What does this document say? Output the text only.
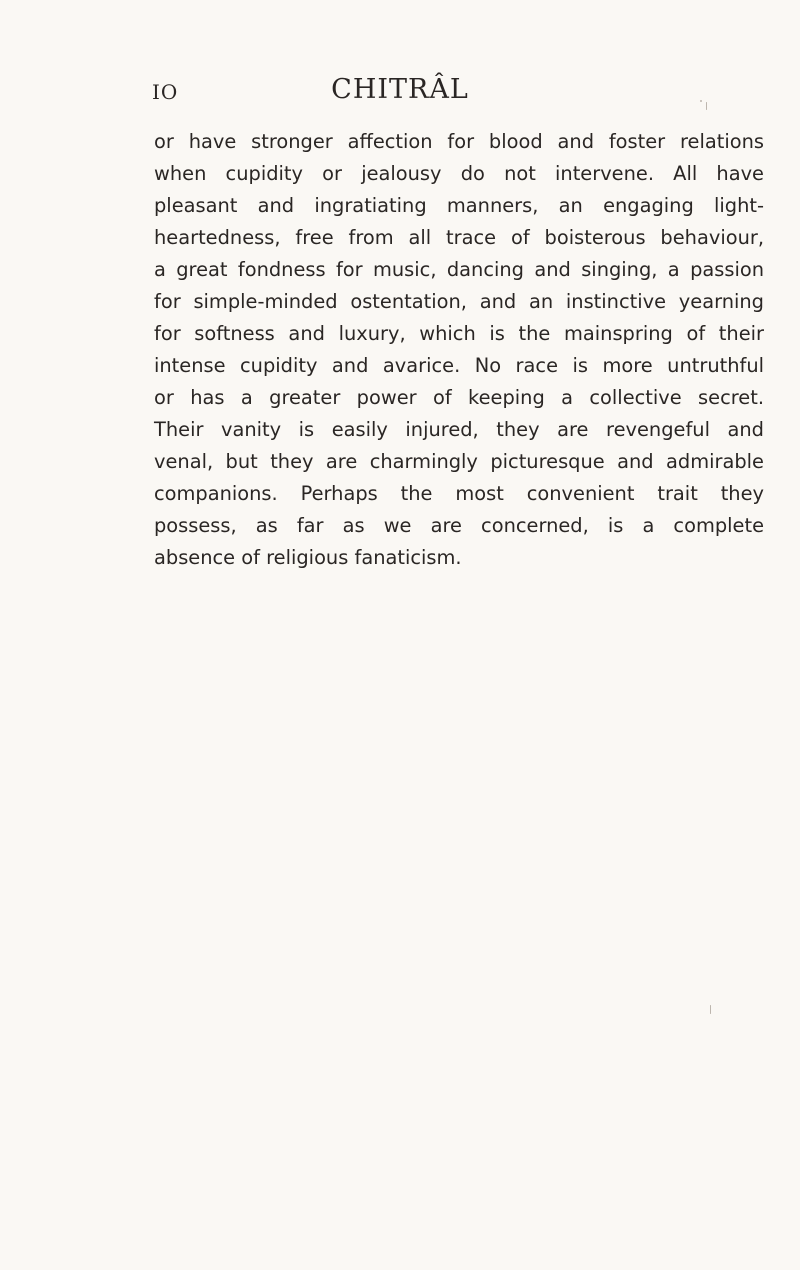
IO	CHITRÂL
or have stronger affection for blood and foster relations
when cupidity or jealousy do not intervene. All have
pleasant and ingratiating manners, an engaging light-
heartedness, free from all trace of boisterous behaviour,
a great fondness for music, dancing and singing, a passion
for simple-minded ostentation, and an instinctive yearning
for softness and luxury, which is the mainspring of their
intense cupidity and avarice. No race is more untruthful
or has a greater power of keeping a collective secret.
Their vanity is easily injured, they are revengeful and
venal, but they are charmingly picturesque and admirable
companions. Perhaps the most convenient trait they
possess, as far as we are concerned, is a complete
absence of religious fanaticism.
